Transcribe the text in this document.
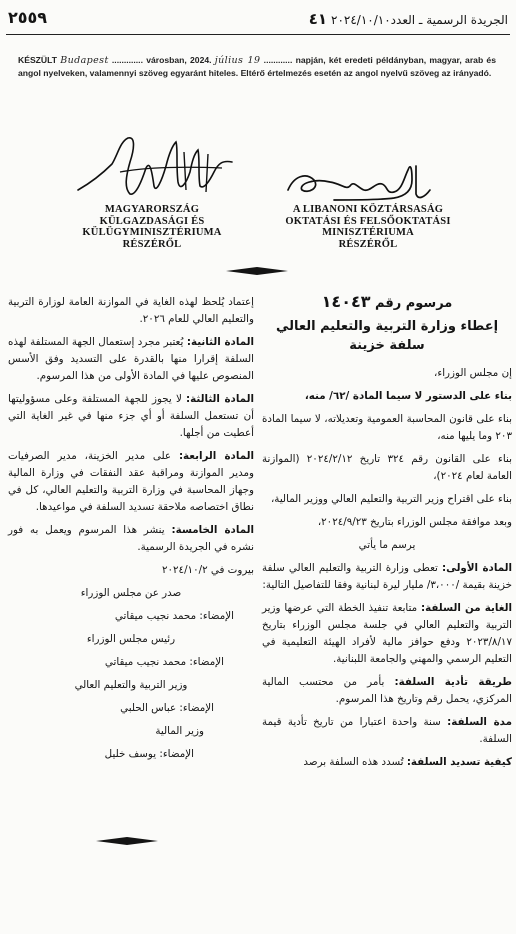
٢٥٥٩	الجريدة الرسمية ـ العدد٤١ ٢٠٢٤/١٠/١٠
KÉSZÜLT Budapest ............. városban, 2024. július 19 ............ napján, két eredeti példányban, magyar, arab és angol nyelveken, valamennyi szöveg egyaránt hiteles. Eltérő értelmezés esetén az angol nyelvű szöveg az irányadó.
MAGYARORSZÁG
KÜLGAZDASÁGI ÉS
KÜLÜGYMINISZTÉRIUMA
RÉSZÉRŐL
A LIBANONI KÖZTÁRSASÁG
OKTATÁSI ÉS FELSŐOKTATÁSI
MINISZTÉRIUMA
RÉSZÉRŐL
مرسوم رقم ١٤٠٤٣
إعطاء وزارة التربية والتعليم العالي
سلفة خزينة

إن مجلس الوزراء،

بناء على الدستور لا سيما المادة /٦٢/ منه،

بناء على قانون المحاسبة العمومية وتعديلاته، لا سيما المادة ٢٠٣ وما يليها منه،

بناء على القانون رقم ٣٢٤ تاريخ ٢٠٢٤/٢/١٢ (الموازنة العامة لعام ٢٠٢٤)،

بناء على اقتراح وزير التربية والتعليم العالي ووزير المالية،

وبعد موافقة مجلس الوزراء بتاريخ ٢٠٢٤/٩/٢٣،

يرسم ما يأتي

المادة الأولى: تعطى وزارة التربية والتعليم العالي سلفة خزينة بقيمة /٣،٠٠٠/ مليار ليرة لبنانية وفقا للتفاصيل التالية:

الغاية من السلفة: متابعة تنفيذ الخطة التي عرضها وزير التربية والتعليم العالي في جلسة مجلس الوزراء بتاريخ ٢٠٢٣/٨/١٧ ودفع حوافز مالية لأفراد الهيئة التعليمية في التعليم الرسمي والمهني والجامعة اللبنانية.

طريقة تأدية السلفة: بأمر من محتسب المالية المركزي، يحمل رقم وتاريخ هذا المرسوم.

مدة السلفة: سنة واحدة اعتبارا من تاريخ تأدية قيمة السلفة.

كيفية تسديد السلفة: تُسدد هذه السلفة برصد

إعتماد يُلحظ لهذه الغاية في الموازنة العامة لوزارة التربية والتعليم العالي للعام ٢٠٢٦.

المادة الثانية: يُعتبر مجرد إستعمال الجهة المستلفة لهذه السلفة إقرارا منها بالقدرة على التسديد وفق الأسس المنصوص عليها في المادة الأولى من هذا المرسوم.

المادة الثالثة: لا يجوز للجهة المستلفة وعلى مسؤوليتها أن تستعمل السلفة أو أي جزء منها في غير الغاية التي أعطيت من أجلها.

المادة الرابعة: على مدير الخزينة، مدير الصرفيات ومدير الموازنة ومراقبة عقد النفقات في وزارة المالية وجهاز المحاسبة في وزارة التربية والتعليم العالي، كل في نطاق اختصاصه ملاحقة تسديد السلفة في مواعيدها.

المادة الخامسة: ينشر هذا المرسوم ويعمل به فور نشره في الجريدة الرسمية.

بيروت في ٢٠٢٤/١٠/٢

صدر عن مجلس الوزراء

الإمضاء: محمد نجيب ميقاتي

رئيس مجلس الوزراء

الإمضاء: محمد نجيب ميقاتي

وزير التربية والتعليم العالي

الإمضاء: عباس الحلبي

وزير المالية

الإمضاء: يوسف خليل
